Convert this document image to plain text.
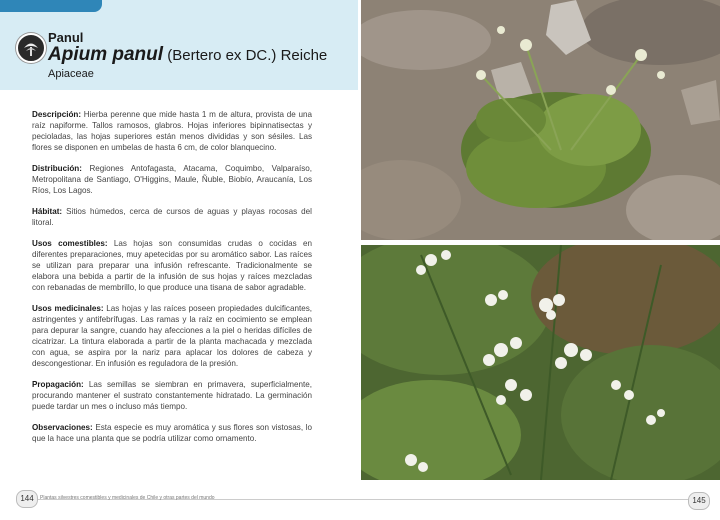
Panul
Apium panul (Bertero ex DC.) Reiche
Apiaceae

Descripción: Hierba perenne que mide hasta 1 m de altura, provista de una raíz napiforme. Tallos ramosos, glabros. Hojas inferiores bipinnatisectas y pecioladas, las hojas superiores están menos divididas y son sésiles. Las flores se disponen en umbelas de hasta 6 cm, de color blanquecino.

Distribución: Regiones Antofagasta, Atacama, Coquimbo, Valparaíso, Metropolitana de Santiago, O'Higgins, Maule, Ñuble, Biobío, Araucanía, Los Ríos, Los Lagos.

Hábitat: Sitios húmedos, cerca de cursos de aguas y playas rocosas del litoral.

Usos comestibles: Las hojas son consumidas crudas o cocidas en diferentes preparaciones, muy apetecidas por su aromático sabor. Las raíces se utilizan para preparar una infusión refrescante. Tradicionalmente se elabora una bebida a partir de la infusión de sus hojas y raíces mezcladas con rebanadas de membrillo, lo que produce una tisana de sabor agradable.

Usos medicinales: Las hojas y las raíces poseen propiedades dulcificantes, astringentes y antifebrífugas. Las ramas y la raíz en cocimiento se emplean para depurar la sangre, cuando hay afecciones a la piel o heridas difíciles de cicatrizar. La tintura elaborada a partir de la planta machacada y mezclada con agua, se aspira por la nariz para aplacar los dolores de cabeza y descongestionar. En infusión es reguladora de la presión.

Propagación: Las semillas se siembran en primavera, superficialmente, procurando mantener el sustrato constantemente hidratado. La germinación puede tardar un mes o incluso más tiempo.

Observaciones: Esta especie es muy aromática y sus flores son vistosas, lo que la hace una planta que se podría utilizar como ornamento.

144	Plantas silvestres comestibles y medicinales de Chile y otras partes del mundo	145
